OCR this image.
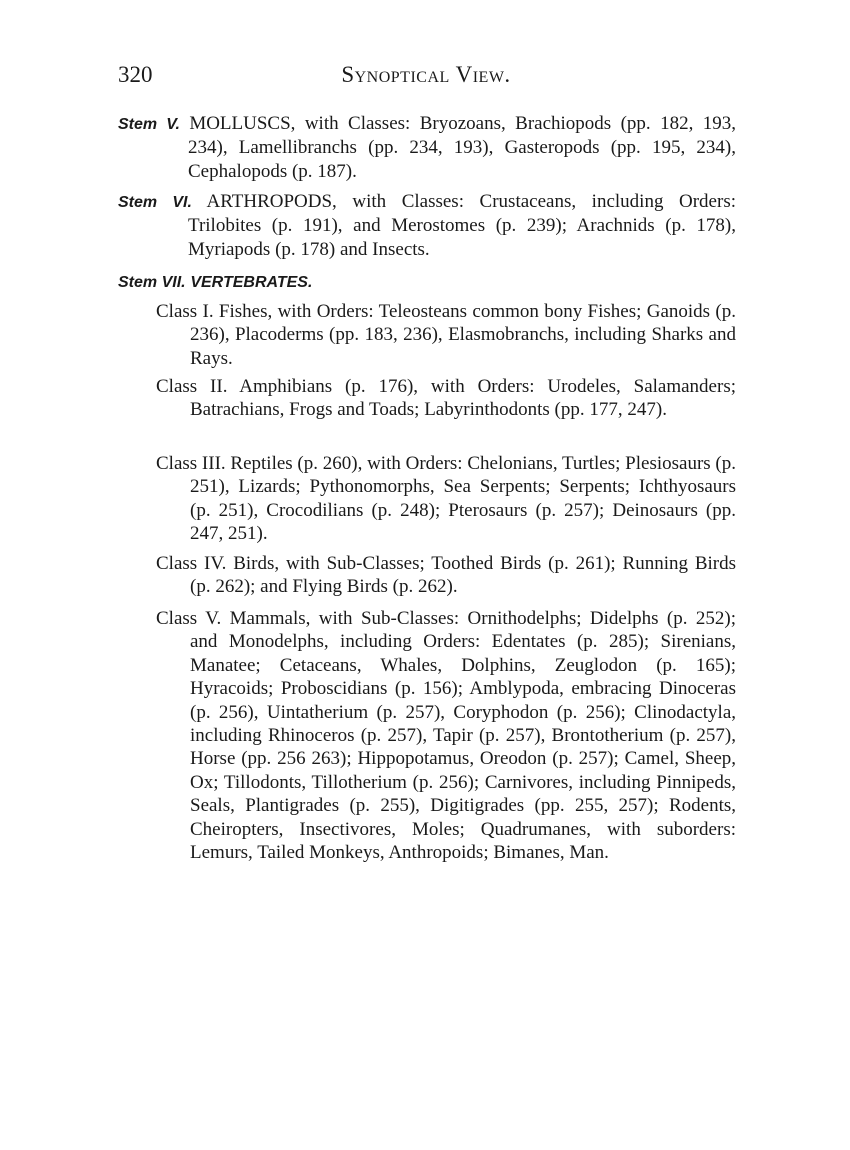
320	Synoptical View.

Stem V. MOLLUSCS, with Classes: Bryozoans, Brachiopods (pp. 182, 193, 234), Lamellibranchs (pp. 234, 193), Gasteropods (pp. 195, 234), Cephalopods (p. 187).

Stem VI. ARTHROPODS, with Classes: Crustaceans, including Orders: Trilobites (p. 191), and Merostomes (p. 239); Arachnids (p. 178), Myriapods (p. 178) and Insects.

Stem VII. VERTEBRATES.

Class I. Fishes, with Orders: Teleosteans common bony Fishes; Ganoids (p. 236), Placoderms (pp. 183, 236), Elasmobranchs, including Sharks and Rays.

Class II. Amphibians (p. 176), with Orders: Urodeles, Salamanders; Batrachians, Frogs and Toads; Labyrinthodonts (pp. 177, 247).

Class III. Reptiles (p. 260), with Orders: Chelonians, Turtles; Plesiosaurs (p. 251), Lizards; Pythonomorphs, Sea Serpents; Serpents; Ichthyosaurs (p. 251), Crocodilians (p. 248); Pterosaurs (p. 257); Deinosaurs (pp. 247, 251).

Class IV. Birds, with Sub-Classes; Toothed Birds (p. 261); Running Birds (p. 262); and Flying Birds (p. 262).

Class V. Mammals, with Sub-Classes: Ornithodelphs; Didelphs (p. 252); and Monodelphs, including Orders: Edentates (p. 285); Sirenians, Manatee; Cetaceans, Whales, Dolphins, Zeuglodon (p. 165); Hyracoids; Proboscidians (p. 156); Amblypoda, embracing Dinoceras (p. 256), Uintatherium (p. 257), Coryphodon (p. 256); Clinodactyla, including Rhinoceros (p. 257), Tapir (p. 257), Brontotherium (p. 257), Horse (pp. 256 263); Hippopotamus, Oreodon (p. 257); Camel, Sheep, Ox; Tillodonts, Tillotherium (p. 256); Carnivores, including Pinnipeds, Seals, Plantigrades (p. 255), Digitigrades (pp. 255, 257); Rodents, Cheiropters, Insectivores, Moles; Quadrumanes, with suborders: Lemurs, Tailed Monkeys, Anthropoids; Bimanes, Man.
